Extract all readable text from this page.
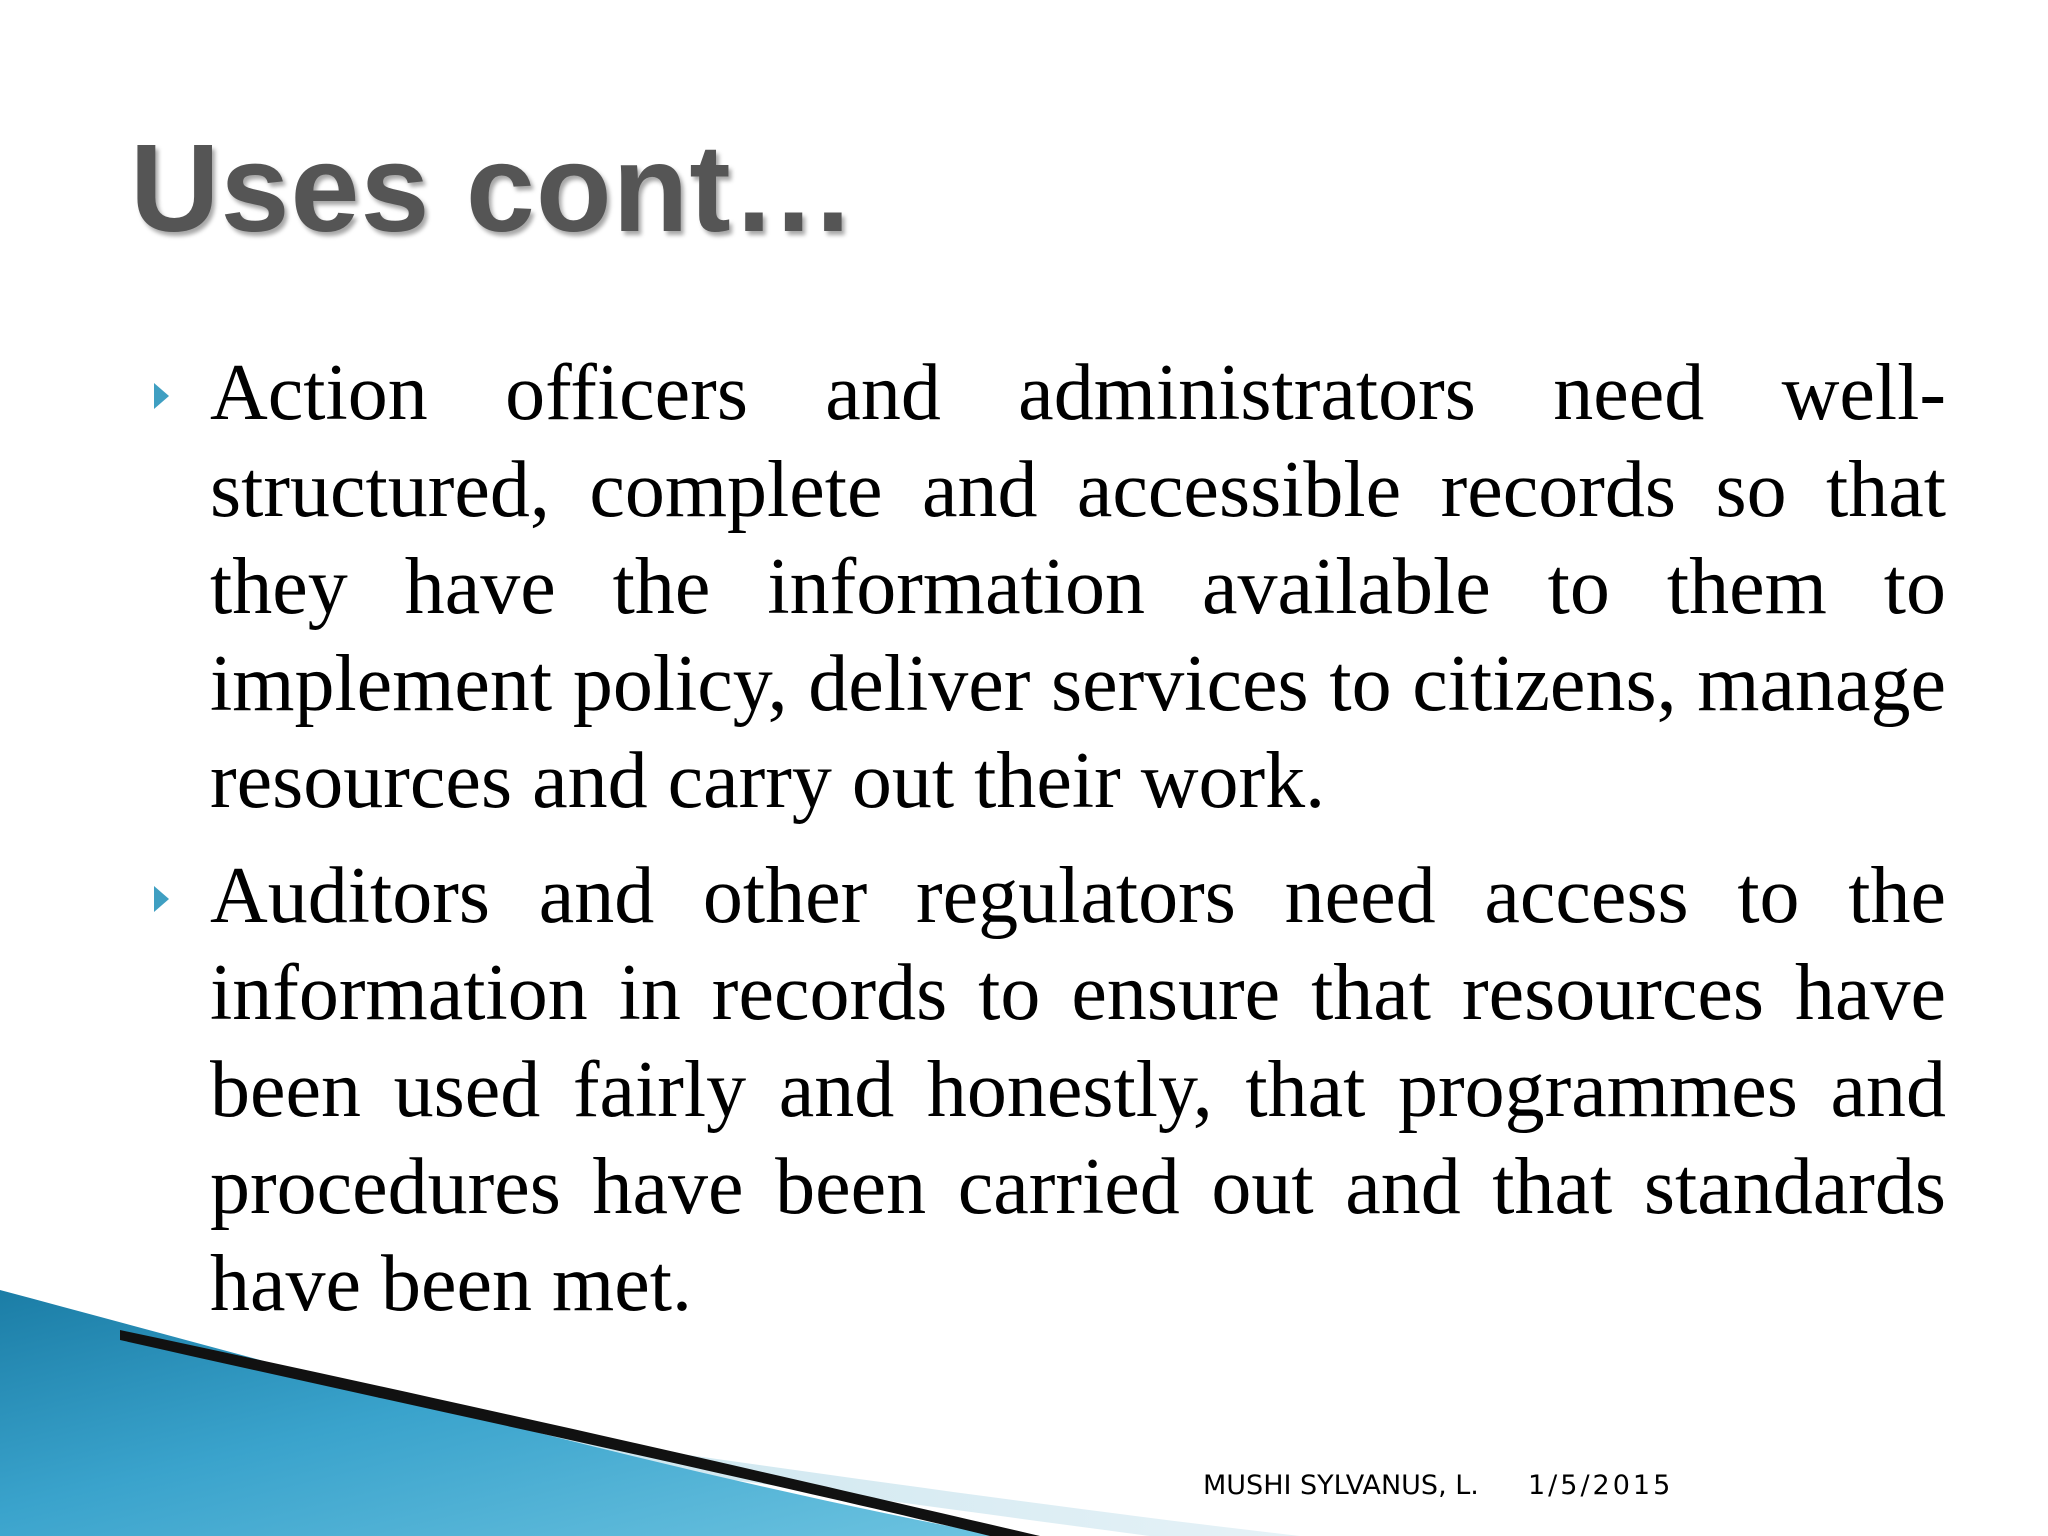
Uses cont…
Action officers and administrators need well-structured, complete and accessible records so that they have the information available to them to implement policy, deliver services to citizens, manage resources and carry out their work.
Auditors and other regulators need access to the information in records to ensure that resources have been used fairly and honestly, that programmes and procedures have been carried out and that standards have been met.
MUSHI SYLVANUS, L. 1/5/2015
